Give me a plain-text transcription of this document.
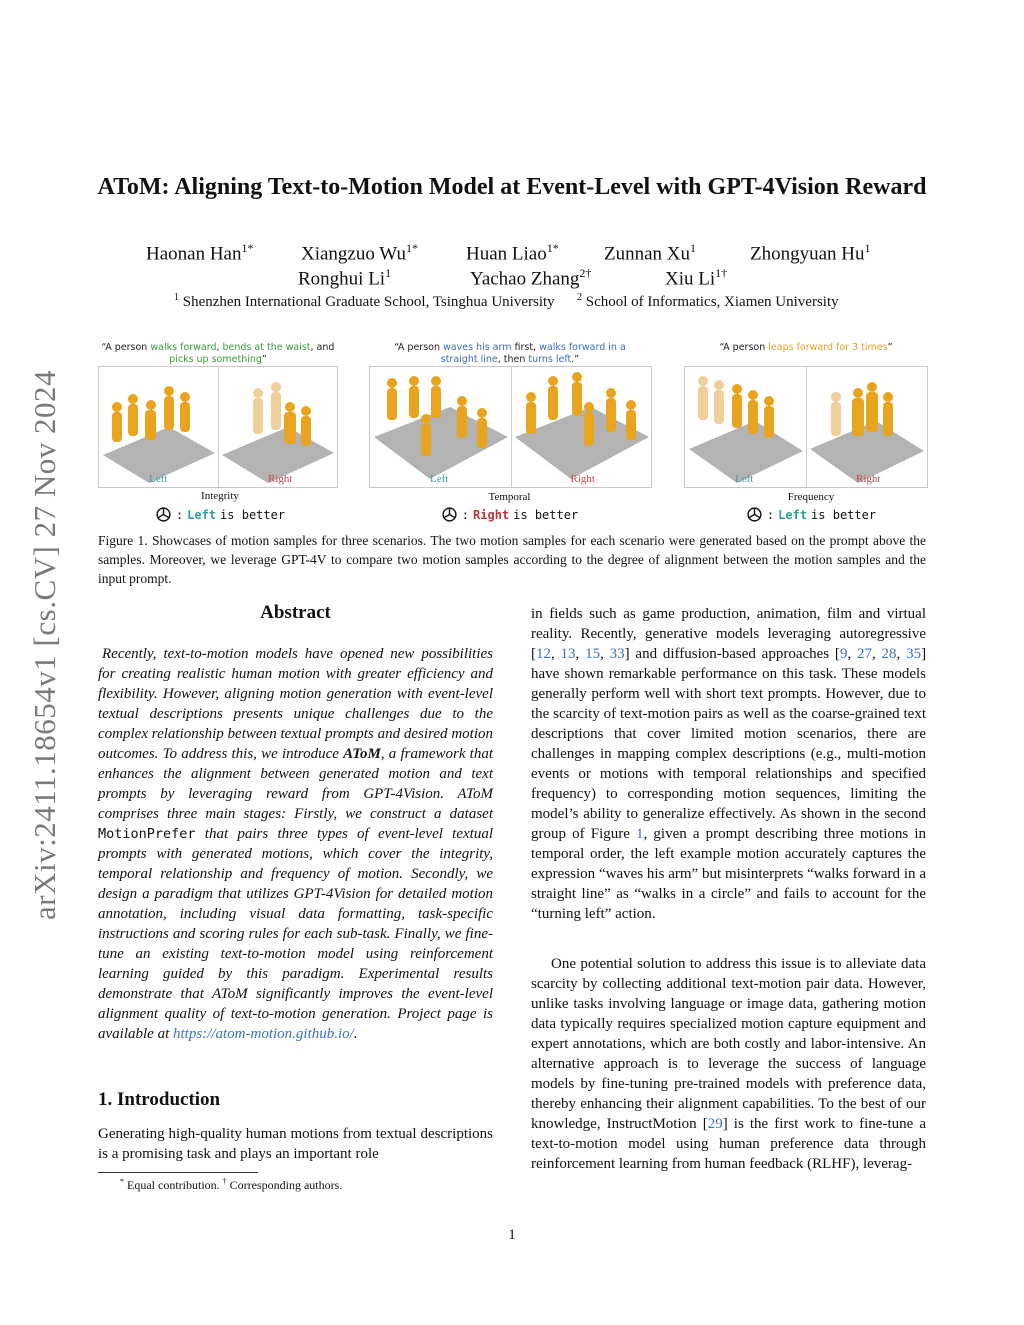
arXiv:2411.18654v1 [cs.CV] 27 Nov 2024
AToM: Aligning Text-to-Motion Model at Event-Level with GPT-4Vision Reward
Haonan Han$^{1*}$	Xiangzuo $Wu^{1*}$	Huan Liao$^{1*}$ Zunnan Xu$^1$	Zhongyuan Hu$^1$
Ronghui Li$^1$	Yachao Zhang$^{2\dagger}$	Xiu $Li^{1\dagger}$
$^1$ Shenzhen International Graduate School, Tsinghua University $^2$ School of Informatics, Xiamen University
“A person walks forward, bends at the waist, and picks up something”
“A person waves his arm first, walks forward in a straight line, then turns left.”
“A person leaps forward for 3 times”
Left	Right	Left	Right	Left	Right
Integrity	Temporal	Frequency
: Left is better	: Right is better	: Left is better
Figure 1. Showcases of motion samples for three scenarios. The two motion samples for each scenario were generated based on the prompt above the samples. Moreover, we leverage GPT-4V to compare two motion samples according to the degree of alignment between the motion samples and the input prompt.
Abstract
Recently, text-to-motion models have opened new possibilities for creating realistic human motion with greater efficiency and flexibility. However, aligning motion generation with event-level textual descriptions presents unique challenges due to the complex relationship between textual prompts and desired motion outcomes. To address this, we introduce AToM, a framework that enhances the alignment between generated motion and text prompts by leveraging reward from GPT-4Vision. AToM comprises three main stages: Firstly, we construct a dataset MotionPrefer that pairs three types of event-level textual prompts with generated motions, which cover the integrity, temporal relationship and frequency of motion. Secondly, we design a paradigm that utilizes GPT-4Vision for detailed motion annotation, including visual data formatting, task-specific instructions and scoring rules for each sub-task. Finally, we fine-tune an existing text-to-motion model using reinforcement learning guided by this paradigm. Experimental results demonstrate that AToM significantly improves the event-level alignment quality of text-to-motion generation. Project page is available at https://atom-motion.github.io/.
1. Introduction
Generating high-quality human motions from textual descriptions is a promising task and plays an important role
* Equal contribution. † Corresponding authors.
in fields such as game production, animation, film and virtual reality. Recently, generative models leveraging autoregressive [12, 13, 15, 33] and diffusion-based approaches [9, 27, 28, 35] have shown remarkable performance on this task. These models generally perform well with short text prompts. However, due to the scarcity of text-motion pairs as well as the coarse-grained text descriptions that cover limited motion scenarios, there are challenges in mapping complex descriptions (e.g., multi-motion events or motions with temporal relationships and specified frequency) to corresponding motion sequences, limiting the model’s ability to generalize effectively. As shown in the second group of Figure 1, given a prompt describing three motions in temporal order, the left example motion accurately captures the expression “waves his arm” but misinterprets “walks forward in a straight line” as “walks in a circle” and fails to account for the “turning left” action.
One potential solution to address this issue is to alleviate data scarcity by collecting additional text-motion pair data. However, unlike tasks involving language or image data, gathering motion data typically requires specialized motion capture equipment and expert annotations, which are both costly and labor-intensive. An alternative approach is to leverage the success of language models by fine-tuning pre-trained models with preference data, thereby enhancing their alignment capabilities. To the best of our knowledge, InstructMotion [29] is the first work to fine-tune a text-to-motion model using human preference data through reinforcement learning from human feedback (RLHF), leverag-
1
